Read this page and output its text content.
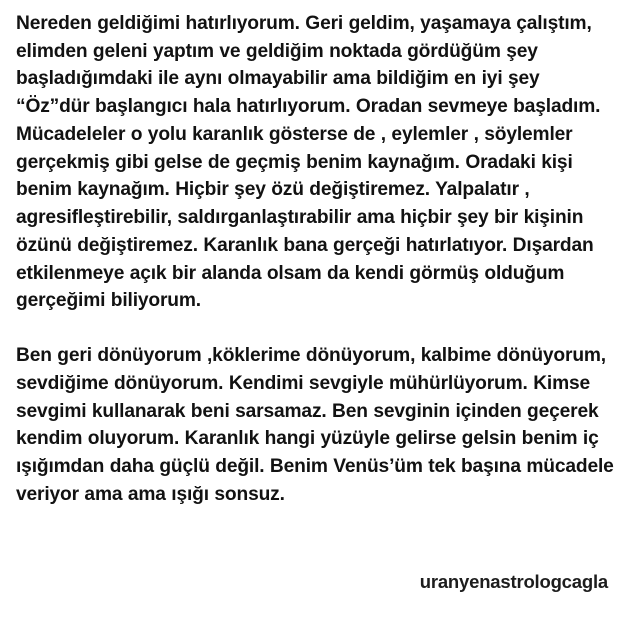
Nereden geldiğimi hatırlıyorum. Geri geldim, yaşamaya çalıştım, elimden geleni yaptım ve geldiğim noktada gördüğüm şey başladığımdaki ile aynı olmayabilir ama bildiğim en iyi şey “Öz”dür başlangıcı hala hatırlıyorum. Oradan sevmeye başladım. Mücadeleler o yolu karanlık gösterse de , eylemler , söylemler gerçekmiş gibi gelse de geçmiş benim kaynağım. Oradaki kişi benim kaynağım. Hiçbir şey özü değiştiremez. Yalpalatır , agresifleştirebilir, saldırganlaştırabilir ama hiçbir şey bir kişinin özünü değiştiremez. Karanlık bana gerçeği hatırlatıyor. Dışardan etkilenmeye açık bir alanda olsam da kendi görmüş olduğum gerçeğimi biliyorum.

Ben geri dönüyorum ,köklerime dönüyorum, kalbime dönüyorum, sevdiğime dönüyorum. Kendimi sevgiyle mühürlüyorum. Kimse sevgimi kullanarak beni sarsamaz. Ben sevginin içinden geçerek kendim oluyorum. Karanlık hangi yüzüyle gelirse gelsin benim iç ışığımdan daha güçlü değil. Benim Venüs’üm tek başına mücadele veriyor ama ama ışığı sonsuz.

uranyenastrologcagla
